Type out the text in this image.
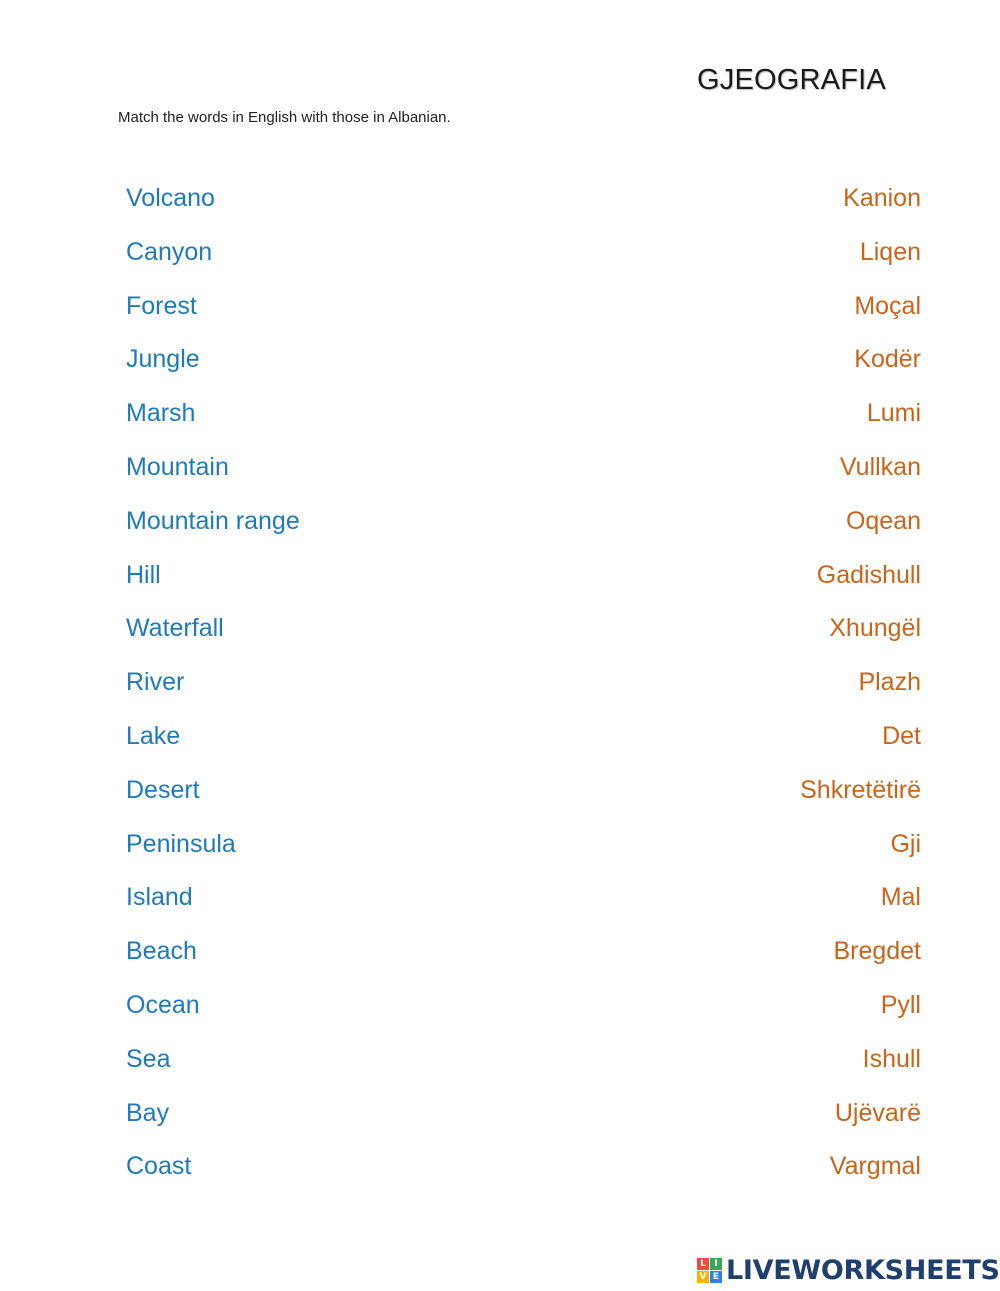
GJEOGRAFIA
Match the words in English with those in Albanian.
Volcano
Canyon
Forest
Jungle
Marsh
Mountain
Mountain range
Hill
Waterfall
River
Lake
Desert
Peninsula
Island
Beach
Ocean
Sea
Bay
Coast
Kanion
Liqen
Moçal
Kodër
Lumi
Vullkan
Oqean
Gadishull
Xhungël
Plazh
Det
Shkretëtirë
Gji
Mal
Bregdet
Pyll
Ishull
Ujëvarë
Vargmal
L I
V E LIVEWORKSHEETS
